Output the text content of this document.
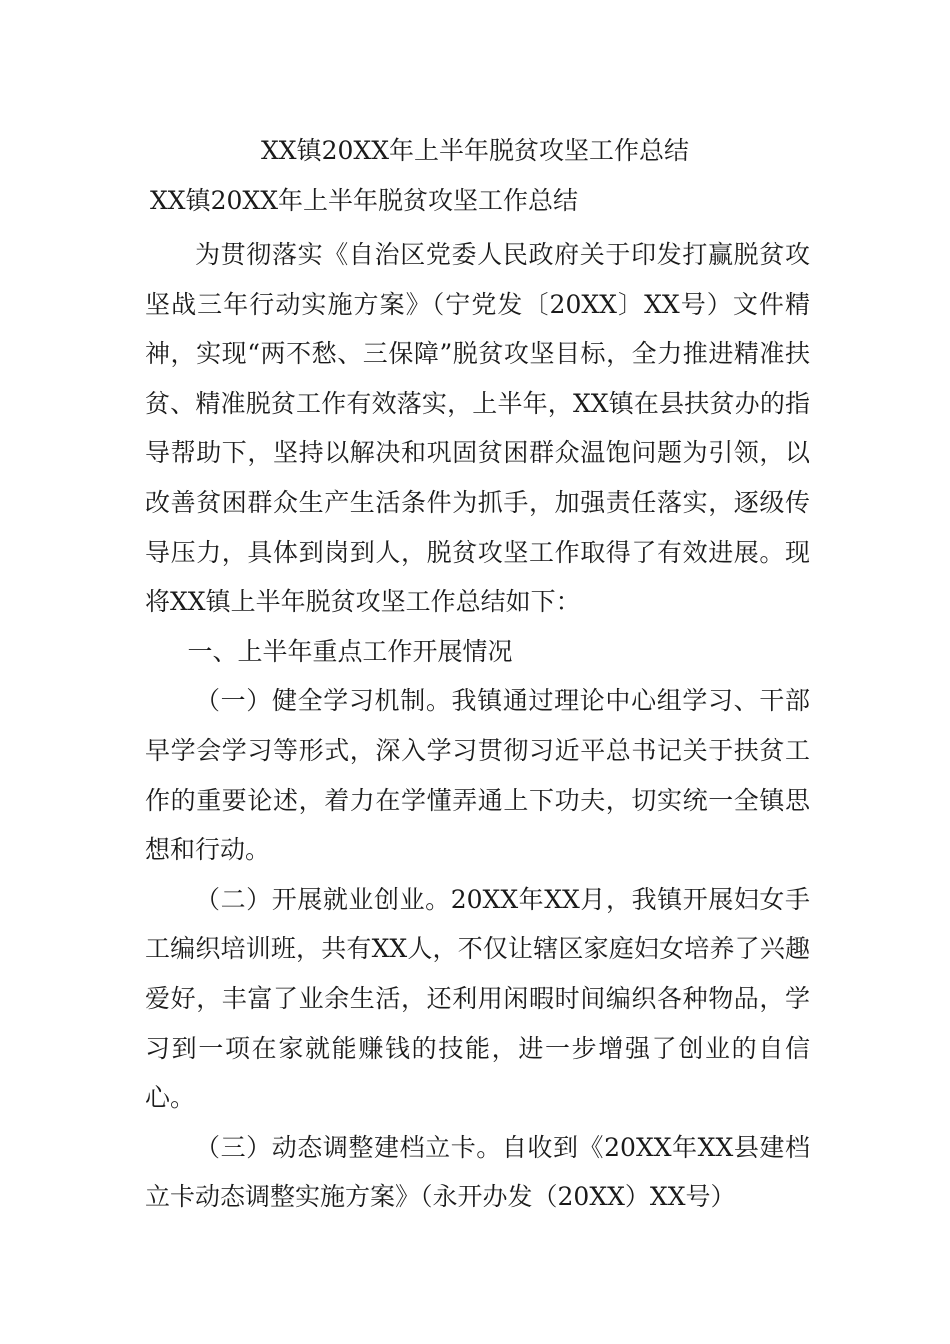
XX镇20XX年上半年脱贫攻坚工作总结
XX镇20XX年上半年脱贫攻坚工作总结

为贯彻落实《自治区党委人民政府关于印发打赢脱贫攻坚战三年行动实施方案》（宁党发〔20XX〕XX号）文件精神，实现“两不愁、三保障”脱贫攻坚目标，全力推进精准扶贫、精准脱贫工作有效落实，上半年，XX镇在县扶贫办的指导帮助下，坚持以解决和巩固贫困群众温饱问题为引领，以改善贫困群众生产生活条件为抓手，加强责任落实，逐级传导压力，具体到岗到人，脱贫攻坚工作取得了有效进展。现将XX镇上半年脱贫攻坚工作总结如下：

一、上半年重点工作开展情况

（一）健全学习机制。我镇通过理论中心组学习、干部早学会学习等形式，深入学习贯彻习近平总书记关于扶贫工作的重要论述，着力在学懂弄通上下功夫，切实统一全镇思想和行动。

（二）开展就业创业。20XX年XX月，我镇开展妇女手工编织培训班，共有XX人，不仅让辖区家庭妇女培养了兴趣爱好，丰富了业余生活，还利用闲暇时间编织各种物品，学习到一项在家就能赚钱的技能，进一步增强了创业的自信心。

（三）动态调整建档立卡。自收到《20XX年XX县建档立卡动态调整实施方案》（永开办发（20XX）XX号）
